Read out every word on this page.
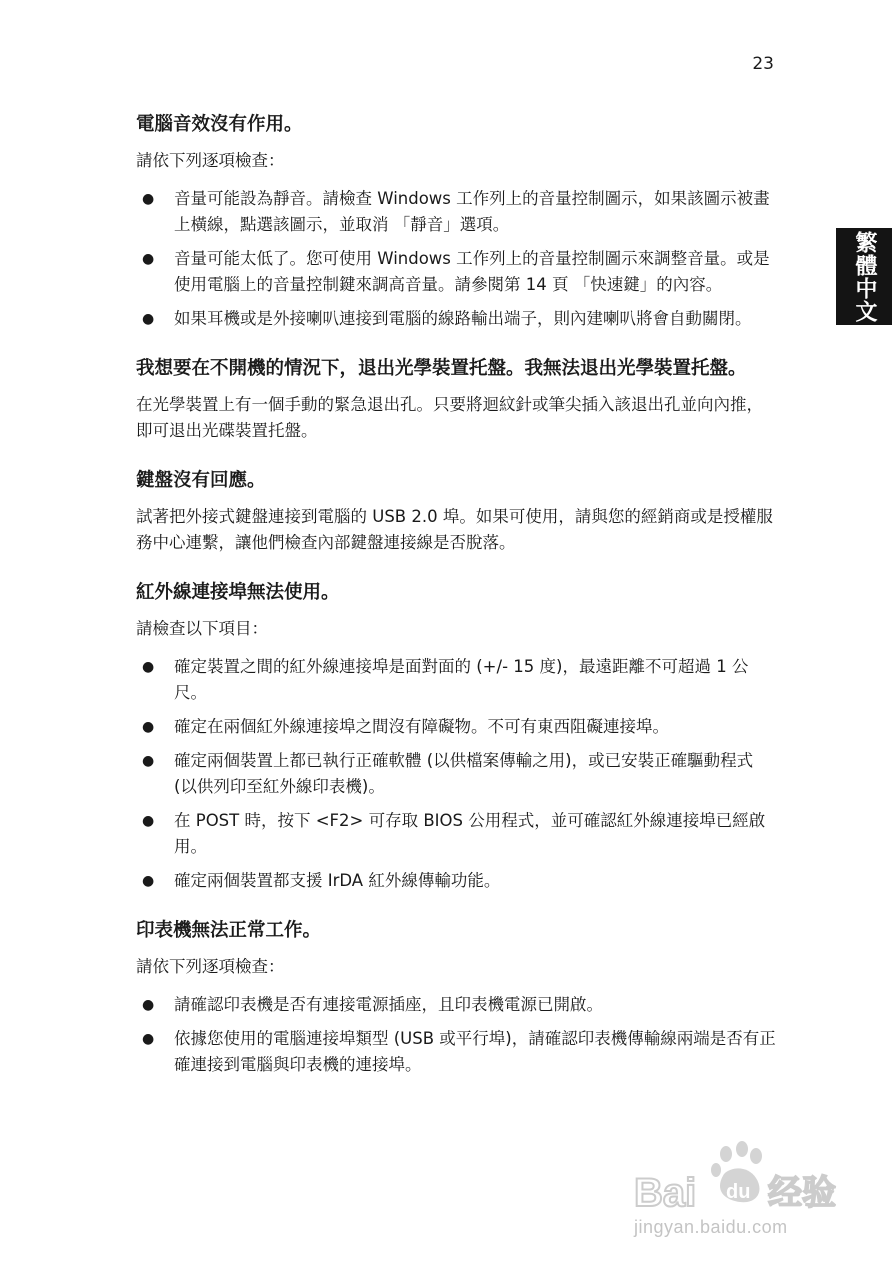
23
繁體中文
電腦音效沒有作用。

請依下列逐項檢查：

● 音量可能設為靜音。請檢查 Windows 工作列上的音量控制圖示，如果該圖示被畫上橫線，點選該圖示，並取消 「靜音」選項。
● 音量可能太低了。您可使用 Windows 工作列上的音量控制圖示來調整音量。或是使用電腦上的音量控制鍵來調高音量。請參閱第 14 頁 「快速鍵」的內容。
● 如果耳機或是外接喇叭連接到電腦的線路輸出端子，則內建喇叭將會自動關閉。
我想要在不開機的情況下，退出光學裝置托盤。我無法退出光學裝置托盤。

在光學裝置上有一個手動的緊急退出孔。只要將迴紋針或筆尖插入該退出孔並向內推，即可退出光碟裝置托盤。

鍵盤沒有回應。

試著把外接式鍵盤連接到電腦的 USB 2.0 埠。如果可使用，請與您的經銷商或是授權服務中心連繫，讓他們檢查內部鍵盤連接線是否脫落。

紅外線連接埠無法使用。

請檢查以下項目：

● 確定裝置之間的紅外線連接埠是面對面的 (+/- 15 度)，最遠距離不可超過 1 公尺。
● 確定在兩個紅外線連接埠之間沒有障礙物。不可有東西阻礙連接埠。
● 確定兩個裝置上都已執行正確軟體 (以供檔案傳輸之用)，或已安裝正確驅動程式 (以供列印至紅外線印表機)。
● 在 POST 時，按下 <F2> 可存取 BIOS 公用程式，並可確認紅外線連接埠已經啟用。
● 確定兩個裝置都支援 IrDA 紅外線傳輸功能。
印表機無法正常工作。

請依下列逐項檢查：

● 請確認印表機是否有連接電源插座，且印表機電源已開啟。
● 依據您使用的電腦連接埠類型 (USB 或平行埠)，請確認印表機傳輸線兩端是否有正確連接到電腦與印表機的連接埠。
Bai du 经验
jingyan.baidu.com
